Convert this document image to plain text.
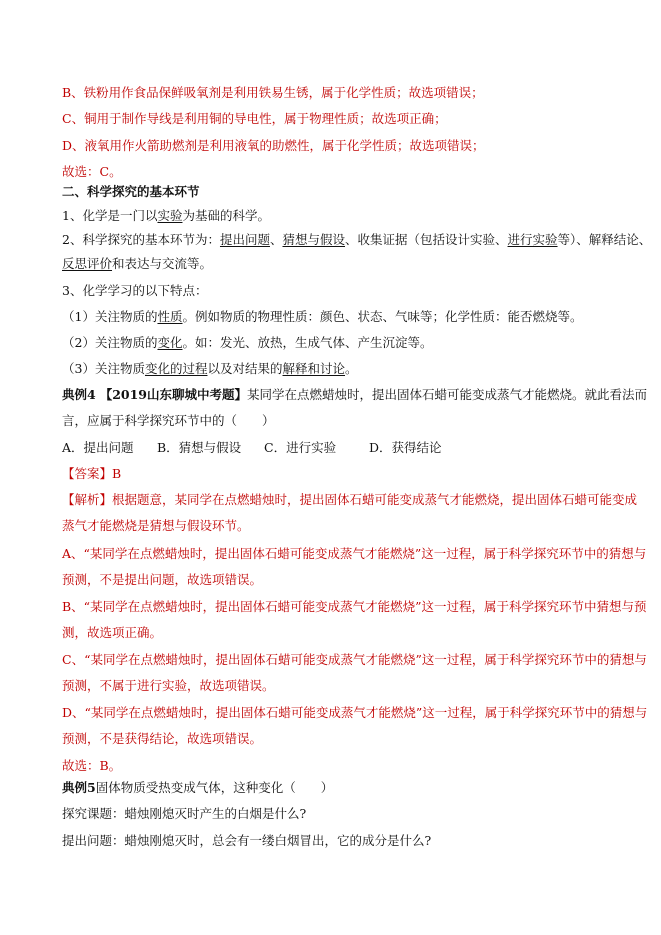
B、铁粉用作食品保鲜吸氧剂是利用铁易生锈，属于化学性质；故选项错误；
C、铜用于制作导线是利用铜的导电性，属于物理性质；故选项正确；
D、液氧用作火箭助燃剂是利用液氧的助燃性，属于化学性质；故选项错误；
故选：C。
二、科学探究的基本环节
1、化学是一门以实验为基础的科学。
2、科学探究的基本环节为：提出问题、猜想与假设、收集证据（包括设计实验、进行实验等）、解释结论、
反思评价和表达与交流等。
3、化学学习的以下特点：
（1）关注物质的性质。例如物质的物理性质：颜色、状态、气味等；化学性质：能否燃烧等。
（2）关注物质的变化。如：发光、放热，生成气体、产生沉淀等。
（3）关注物质变化的过程以及对结果的解释和讨论。
典例4 【2019山东聊城中考题】某同学在点燃蜡烛时，提出固体石蜡可能变成蒸气才能燃烧。就此看法而
言，应属于科学探究环节中的（　　）
A．提出问题 B．猜想与假设 C．进行实验	D．获得结论
【答案】B
【解析】根据题意，某同学在点燃蜡烛时，提出固体石蜡可能变成蒸气才能燃烧，提出固体石蜡可能变成
蒸气才能燃烧是猜想与假设环节。
A、“某同学在点燃蜡烛时，提出固体石蜡可能变成蒸气才能燃烧”这一过程，属于科学探究环节中的猜想与
预测，不是提出问题，故选项错误。
B、“某同学在点燃蜡烛时，提出固体石蜡可能变成蒸气才能燃烧”这一过程，属于科学探究环节中猜想与预
测，故选项正确。
C、“某同学在点燃蜡烛时，提出固体石蜡可能变成蒸气才能燃烧”这一过程，属于科学探究环节中的猜想与
预测，不属于进行实验，故选项错误。
D、“某同学在点燃蜡烛时，提出固体石蜡可能变成蒸气才能燃烧”这一过程，属于科学探究环节中的猜想与
预测，不是获得结论，故选项错误。
故选：B。
典例5固体物质受热变成气体，这种变化（　　）
探究课题：蜡烛刚熄灭时产生的白烟是什么?
提出问题：蜡烛刚熄灭时，总会有一缕白烟冒出，它的成分是什么?
